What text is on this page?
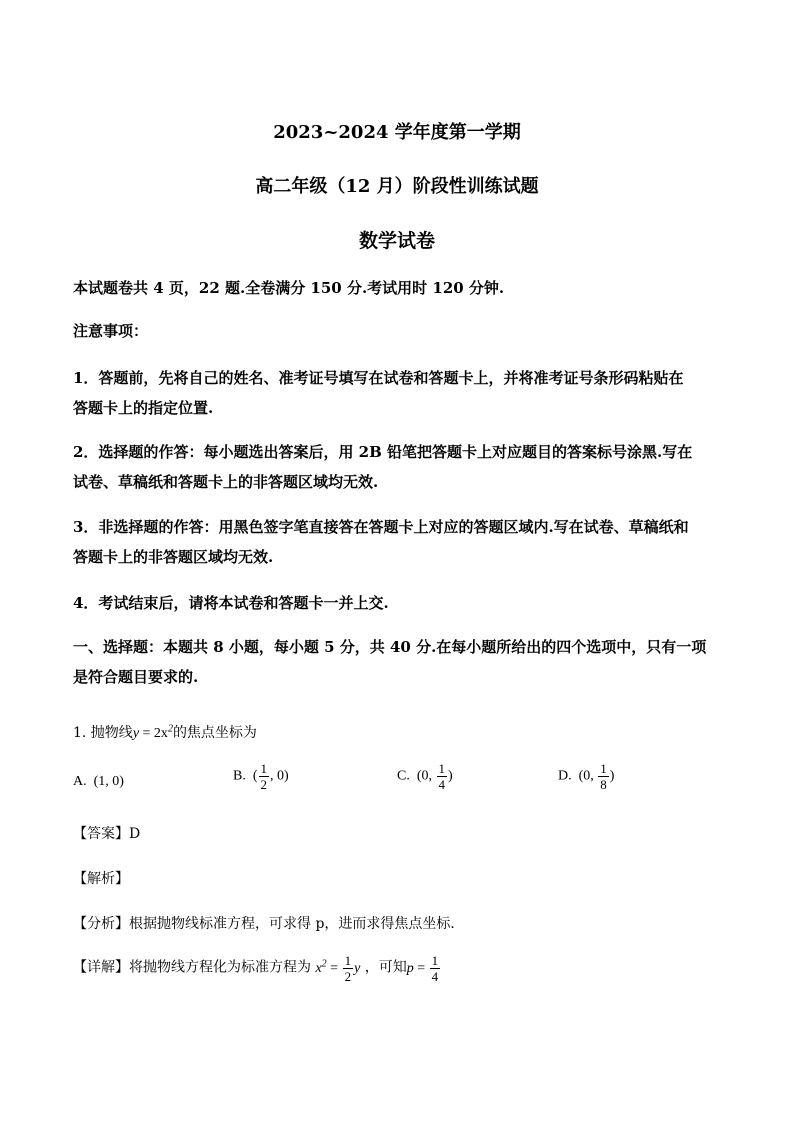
2023~2024 学年度第一学期
高二年级（12 月）阶段性训练试题
数学试卷
本试题卷共 4 页，22 题.全卷满分 150 分.考试用时 120 分钟.
注意事项：
1．答题前，先将自己的姓名、准考证号填写在试卷和答题卡上，并将准考证号条形码粘贴在
答题卡上的指定位置.
2．选择题的作答：每小题选出答案后，用 2B 铅笔把答题卡上对应题目的答案标号涂黑.写在
试卷、草稿纸和答题卡上的非答题区域均无效.
3．非选择题的作答：用黑色签字笔直接答在答题卡上对应的答题区域内.写在试卷、草稿纸和
答题卡上的非答题区域均无效.
4．考试结束后，请将本试卷和答题卡一并上交.
一、选择题：本题共 8 小题，每小题 5 分，共 40 分.在每小题所给出的四个选项中，只有一项
是符合题目要求的.
1. 抛物线$y = 2x^2$的焦点坐标为
A. (1, 0)	B. ( $\frac{1}{2}$ , 0)	C. (0, $\frac{1}{4}$ )	D. (0, $\frac{1}{8}$ )
【答案】D
【解析】
【分析】根据抛物线标准方程，可求得 p，进而求得焦点坐标．
【详解】将抛物线方程化为标准方程为 $x^2 = \frac{1}{2}$ y ，可知$p = \frac{1}{4}$
